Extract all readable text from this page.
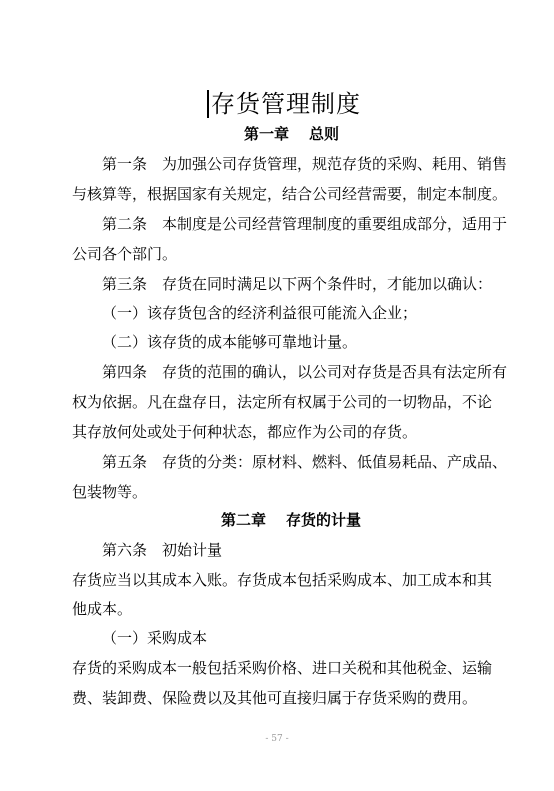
存货管理制度
第一章 总则
第一条　为加强公司存货管理，规范存货的采购、耗用、销售
与核算等，根据国家有关规定，结合公司经营需要，制定本制度。
第二条　本制度是公司经营管理制度的重要组成部分，适用于
公司各个部门。
第三条　存货在同时满足以下两个条件时，才能加以确认：
（一）该存货包含的经济利益很可能流入企业；
（二）该存货的成本能够可靠地计量。
第四条　存货的范围的确认，以公司对存货是否具有法定所有
权为依据。凡在盘存日，法定所有权属于公司的一切物品，不论
其存放何处或处于何种状态，都应作为公司的存货。
第五条　存货的分类：原材料、燃料、低值易耗品、产成品、
包装物等。
第二章 存货的计量
第六条　初始计量
存货应当以其成本入账。存货成本包括采购成本、加工成本和其
他成本。
（一）采购成本
存货的采购成本一般包括采购价格、进口关税和其他税金、运输
费、装卸费、保险费以及其他可直接归属于存货采购的费用。
- 57 -
